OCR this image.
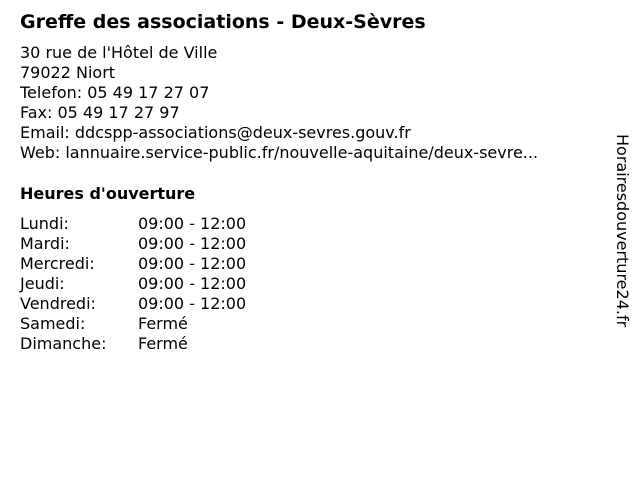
Greffe des associations - Deux-Sèvres
30 rue de l'Hôtel de Ville
79022 Niort
Telefon: 05 49 17 27 07
Fax: 05 49 17 27 97
Email: ddcspp-associations@deux-sevres.gouv.fr
Web: lannuaire.service-public.fr/nouvelle-aquitaine/deux-sevre...
Heures d'ouverture
Lundi:	09:00 - 12:00
Mardi:	09:00 - 12:00
Mercredi:	09:00 - 12:00
Jeudi:	09:00 - 12:00
Vendredi:	09:00 - 12:00
Samedi:	Fermé
Dimanche:	Fermé
Horairesdouverture24.fr
